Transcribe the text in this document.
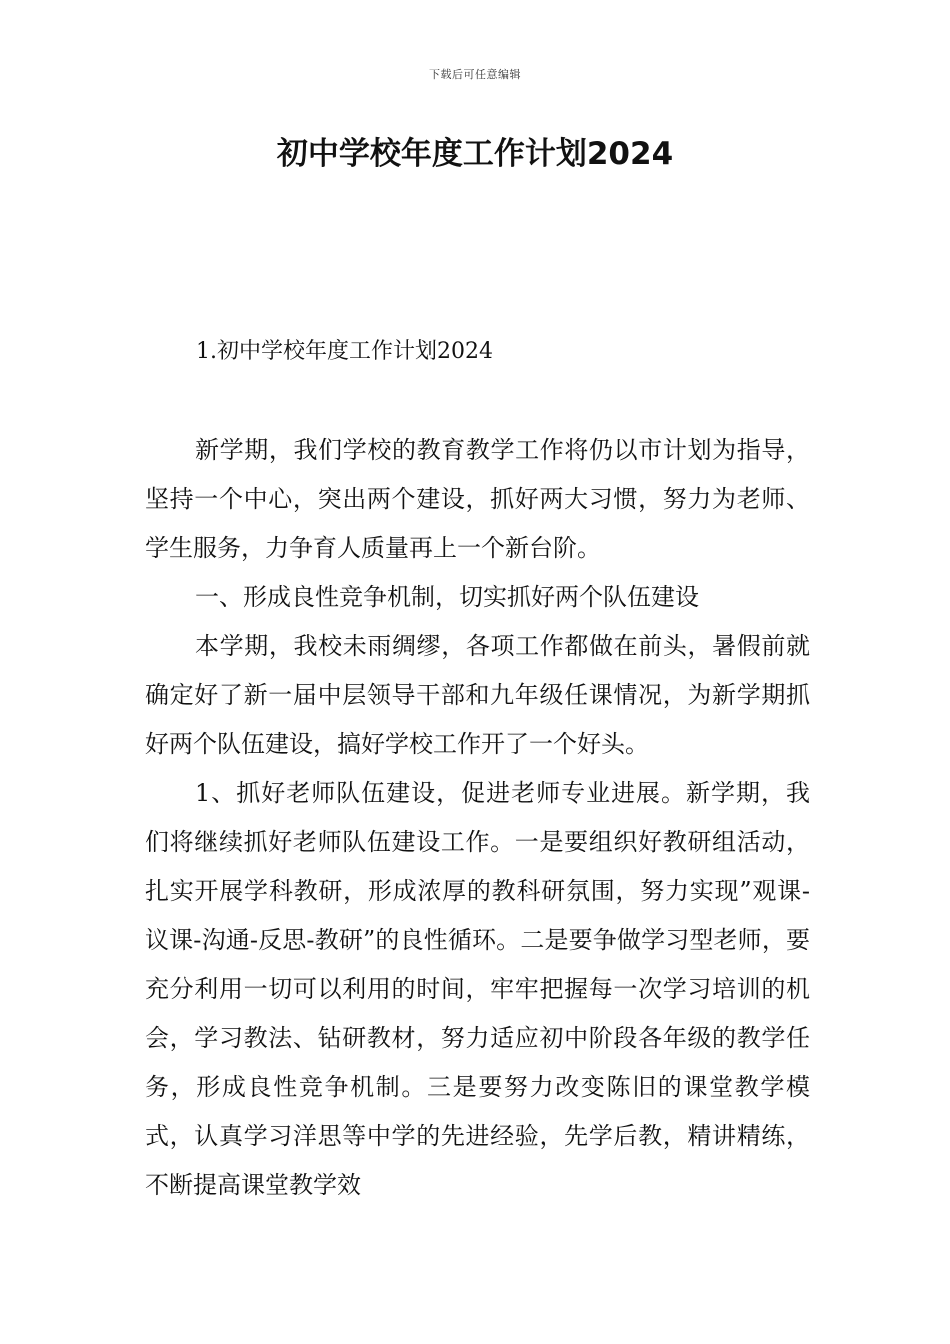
下载后可任意编辑
初中学校年度工作计划2024
1.初中学校年度工作计划2024

新学期，我们学校的教育教学工作将仍以市计划为指导，坚持一个中心，突出两个建设，抓好两大习惯，努力为老师、学生服务，力争育人质量再上一个新台阶。

一、形成良性竞争机制，切实抓好两个队伍建设

本学期，我校未雨绸缪，各项工作都做在前头，暑假前就确定好了新一届中层领导干部和九年级任课情况，为新学期抓好两个队伍建设，搞好学校工作开了一个好头。

1、抓好老师队伍建设，促进老师专业进展。新学期，我们将继续抓好老师队伍建设工作。一是要组织好教研组活动，扎实开展学科教研，形成浓厚的教科研氛围，努力实现”观课-议课-沟通-反思-教研”的良性循环。二是要争做学习型老师，要充分利用一切可以利用的时间，牢牢把握每一次学习培训的机会，学习教法、钻研教材，努力适应初中阶段各年级的教学任务，形成良性竞争机制。三是要努力改变陈旧的课堂教学模式，认真学习洋思等中学的先进经验，先学后教，精讲精练，不断提高课堂教学效
